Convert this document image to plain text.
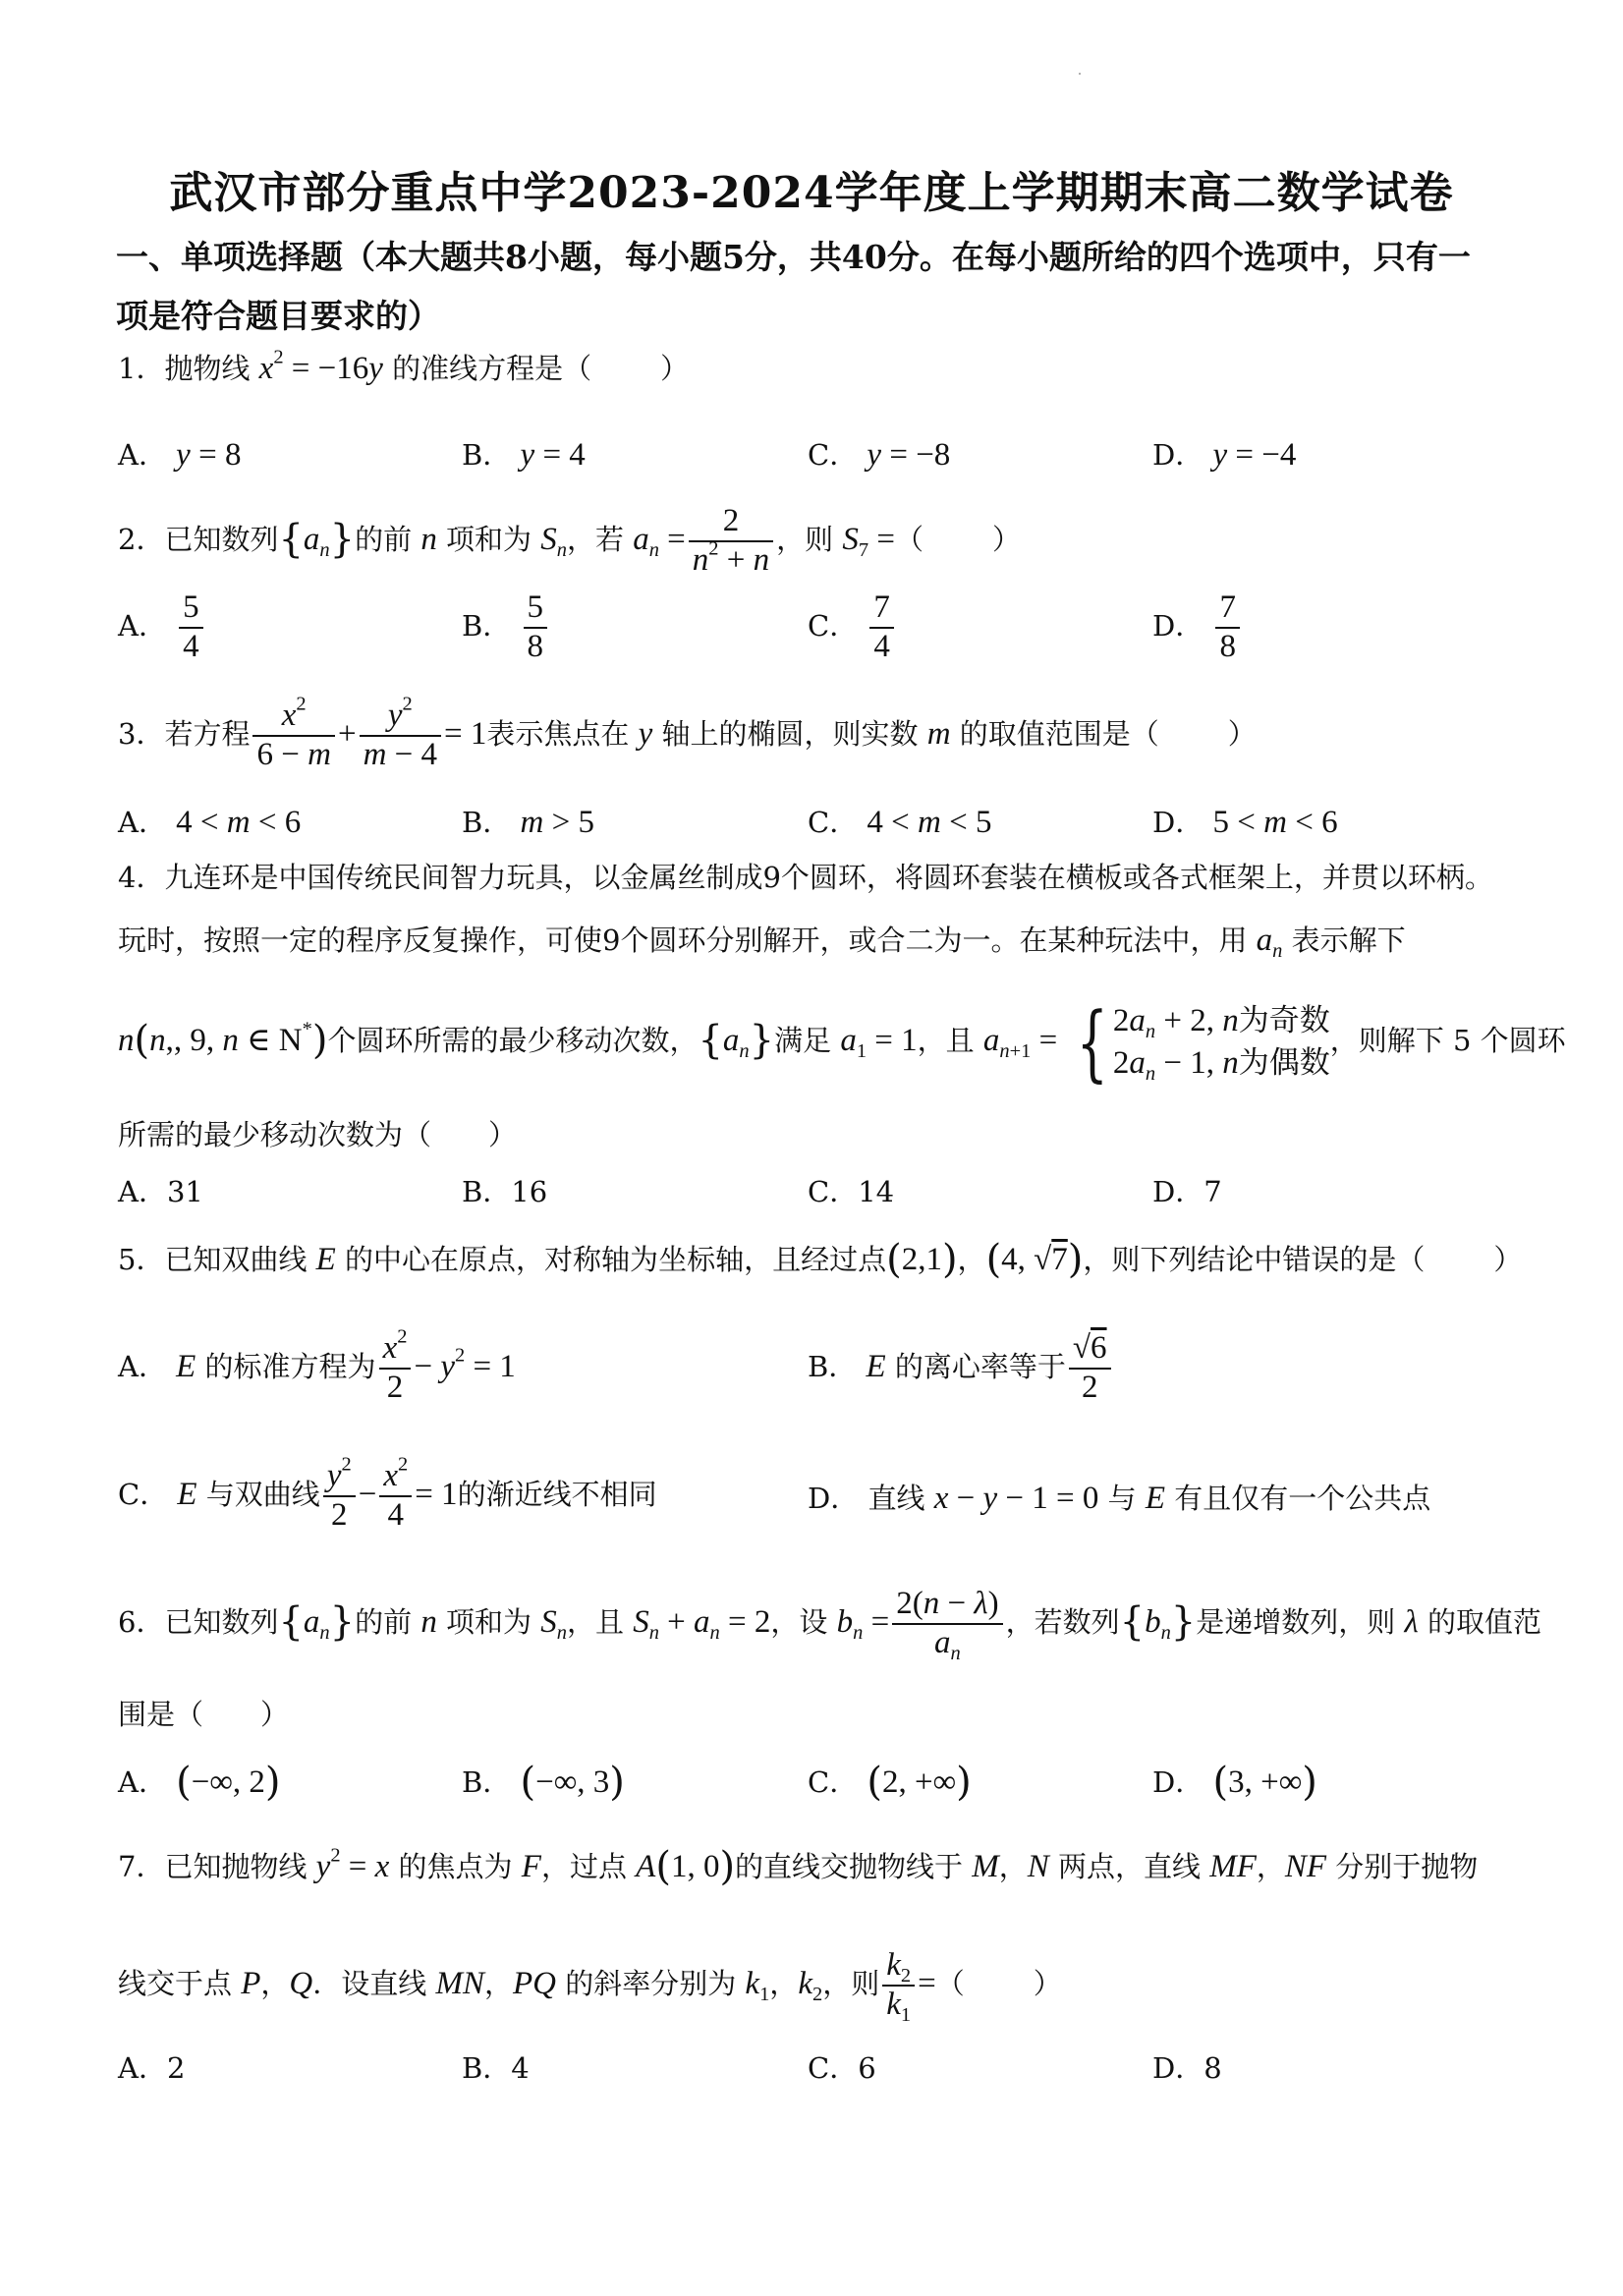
武汉市部分重点中学2023-2024学年度上学期期末高二数学试卷
一、单项选择题（本大题共8小题，每小题5分，共40分。在每小题所给的四个选项中，只有一
项是符合题目要求的）
1．抛物线 $x^2 = -16y$ 的准线方程是（ ）
A． y = 8	B． y = 4	C． y = −8	D． y = −4
2．已知数列$\{a_n\}$的前 n 项和为 $S_n$，若 $a_n = \frac{2}{n^2 + n}$ ，则 $S_7$ =（ ）
A． $\frac{5}{4}$	B． $\frac{5}{8}$	C． $\frac{7}{4}$	D． $\frac{7}{8}$
3．若方程 $\frac{x^2}{6 - m} + \frac{y^2}{m - 4} = 1$表示焦点在 y 轴上的椭圆，则实数 m 的取值范围是（ ）
A． 4 < m < 6	B． m > 5	C． 4 < m < 5	D． 5 < m < 6
4．九连环是中国传统民间智力玩具，以金属丝制成9个圆环，将圆环套装在横板或各式框架上，并贯以环柄。
玩时，按照一定的程序反复操作，可使9个圆环分别解开，或合二为一。在某种玩法中，用 $a_n$ 表示解下
n(n,, 9, n ∈ N*)个圆环所需的最少移动次数，$\{a_n\}$满足 $a_1 = 1$，且 $a_{n+1}$ = { $2a_n + 2$, n为奇数
$2a_n - 1$, n为偶数，则解下 5 个圆环
所需的最少移动次数为（　　）
A．31	B．16	C．14	D．7
5．已知双曲线 E 的中心在原点，对称轴为坐标轴，且经过点(2,1)，(4, √7)，则下列结论中错误的是（ ）
A． E 的标准方程为 $\frac{x^2}{2} - y^2 = 1$	B． E 的离心率等于 $\frac{√6}{2}$
C． E 与双曲线 $\frac{y^2}{2} - \frac{x^2}{4} = 1$的渐近线不相同	D． 直线 x − y − 1 = 0 与 E 有且仅有一个公共点
6．已知数列$\{a_n\}$的前 n 项和为 $S_n$，且 $S_n + a_n = 2$，设 $b_n = \frac{2(n - \lambda)}{a_n}$ ，若数列$\{b_n\}$是递增数列，则 λ 的取值范
围是（　　）
A． (−∞, 2)	B． (−∞, 3)	C． (2, +∞)	D． (3, +∞)
7．已知抛物线 $y^2 = x$ 的焦点为 F，过点 A(1, 0)的直线交抛物线于 M，N 两点，直线 MF，NF 分别于抛物
线交于点 P，Q．设直线 MN，PQ 的斜率分别为 $k_1$，$k_2$，则 $\frac{k_2}{k_1}$ =（ ）
A．2	B．4	C．6	D．8
